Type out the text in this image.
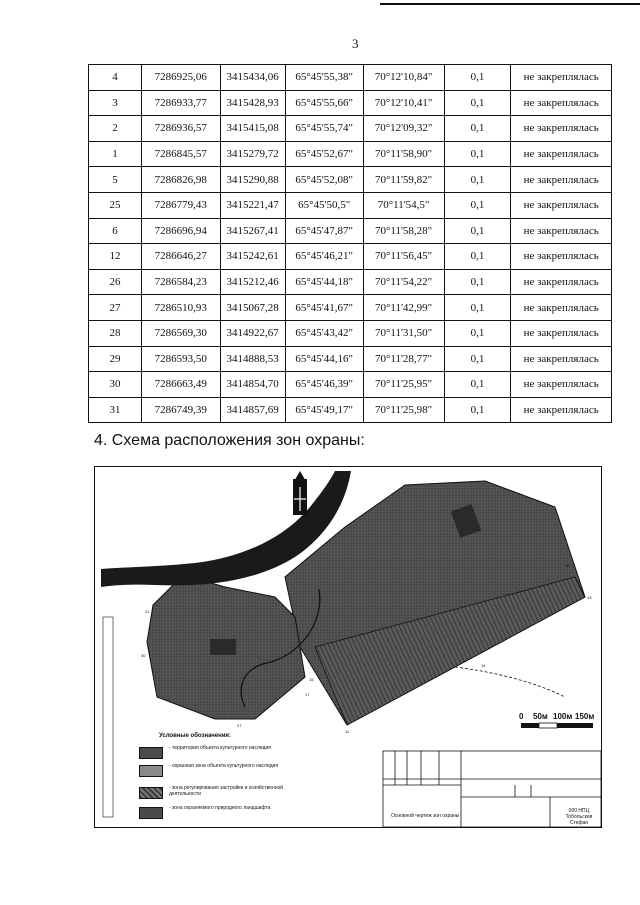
3
4	7286925,06	3415434,06	65°45'55,38"	70°12'10,84"	0,1	не закреплялась
3	7286933,77	3415428,93	65°45'55,66"	70°12'10,41"	0,1	не закреплялась
2	7286936,57	3415415,08	65°45'55,74"	70°12'09,32"	0,1	не закреплялась
1	7286845,57	3415279,72	65°45'52,67"	70°11'58,90"	0,1	не закреплялась
5	7286826,98	3415290,88	65°45'52,08"	70°11'59,82"	0,1	не закреплялась
25	7286779,43	3415221,47	65°45'50,5"	70°11'54,5"	0,1	не закреплялась
6	7286696,94	3415267,41	65°45'47,87"	70°11'58,28"	0,1	не закреплялась
12	7286646,27	3415242,61	65°45'46,21"	70°11'56,45"	0,1	не закреплялась
26	7286584,23	3415212,46	65°45'44,18"	70°11'54,22"	0,1	не закреплялась
27	7286510,93	3415067,28	65°45'41,67"	70°11'42,99"	0,1	не закреплялась
28	7286569,30	3414922,67	65°45'43,42"	70°11'31,50"	0,1	не закреплялась
29	7286593,50	3414888,53	65°45'44,16"	70°11'28,77"	0,1	не закреплялась
30	7286663,49	3414854,70	65°45'46,39"	70°11'25,95"	0,1	не закреплялась
31	7286749,39	3414857,69	65°45'49,17"	70°11'25,98"	0,1	не закреплялась
4. Схема расположения зон охраны:
Условные обозначения:
- территория объекта культурного наследия
- охранная зона объекта культурного наследия
- зона регулирования застройки и хозяйственной деятельности
- зона охраняемого природного ландшафта
Основной чертеж зон охраны
000 НПЦ Тобольская Стефан
0 50м 100м 150м
21
30
27
14
13
11
15
16
17
